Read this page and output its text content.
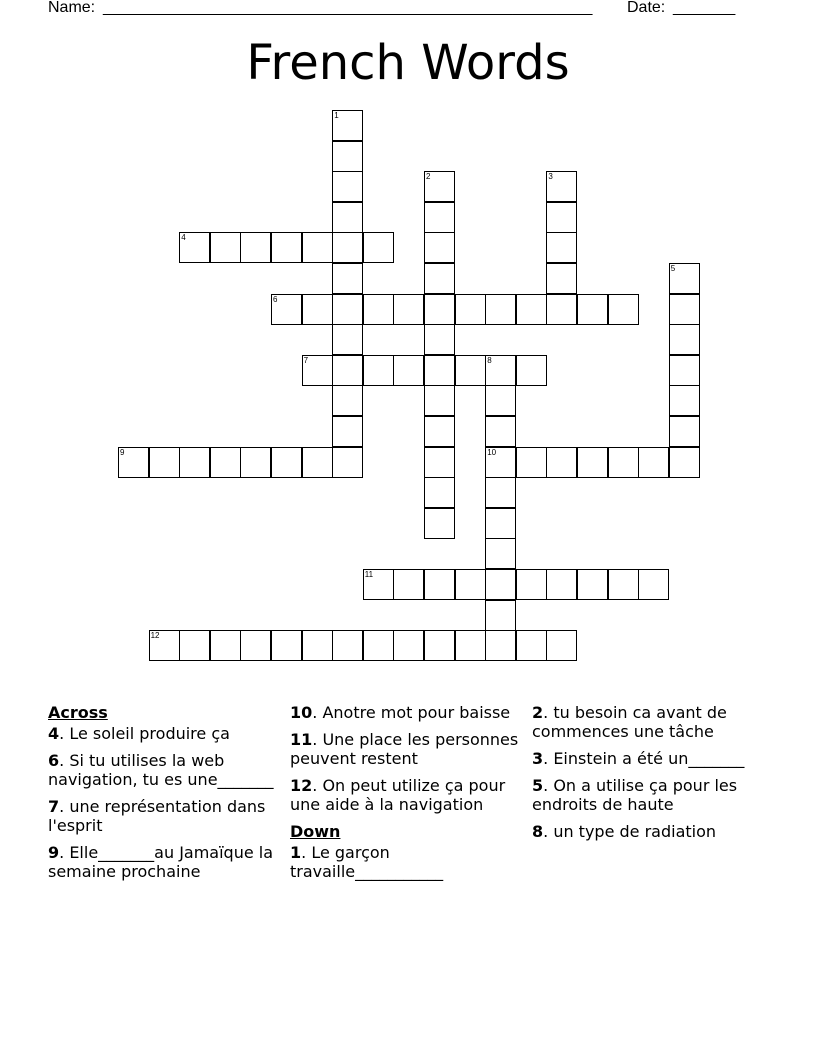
Name: _______________________________________________________ Date: _______
French Words
1
2	3
4
5
6
7	8
10
9
11
12
Across
4. Le soleil produire ça
6. Si tu utilises la web navigation, tu es une_______
7. une représentation dans l'esprit
9. Elle_______au Jamaïque la semaine prochaine
10. Anotre mot pour baisse
11. Une place les personnes peuvent restent
12. On peut utilize ça pour une aide à la navigation
Down
1. Le garçon travaille___________
2. tu besoin ca avant de commences une tâche
3. Einstein a été un_______
5. On a utilise ça pour les endroits de haute
8. un type de radiation
